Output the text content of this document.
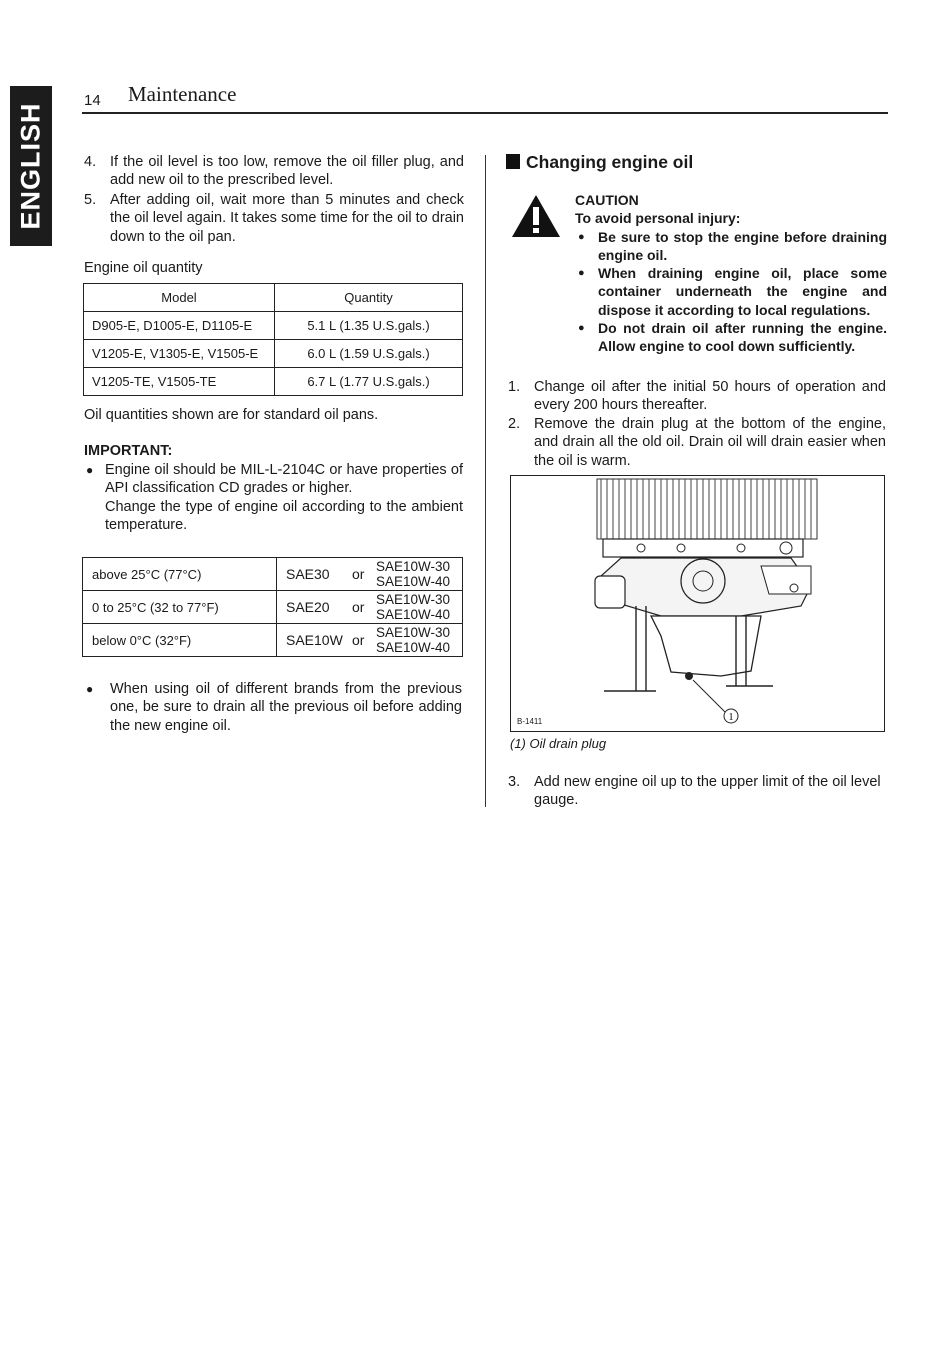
ENGLISH
14 Maintenance
4. If the oil level is too low, remove the oil filler plug, and add new oil to the prescribed level.
5. After adding oil, wait more than 5 minutes and check the oil level again. It takes some time for the oil to drain down to the oil pan.
Engine oil quantity
Model	Quantity
D905-E, D1005-E, D1105-E	5.1 L (1.35 U.S.gals.)
V1205-E, V1305-E, V1505-E	6.0 L (1.59 U.S.gals.)
V1205-TE, V1505-TE	6.7 L (1.77 U.S.gals.)
Oil quantities shown are for standard oil pans.
IMPORTANT:
● Engine oil should be MIL-L-2104C or have properties of API classification CD grades or higher.
Change the type of engine oil according to the ambient temperature.
above 25°C (77°C)	SAE30 or SAE10W-30
SAE10W-40

0 to 25°C (32 to 77°F)	SAE20 or SAE10W-30
SAE10W-40

below 0°C (32°F)	SAE10W or SAE10W-30
SAE10W-40
● When using oil of different brands from the previous one, be sure to drain all the previous oil before adding the new engine oil.
Changing engine oil
CAUTION
To avoid personal injury:
● Be sure to stop the engine before draining engine oil.
● When draining engine oil, place some container underneath the engine and dispose it according to local regulations.
● Do not drain oil after running the engine. Allow engine to cool down sufficiently.
1. Change oil after the initial 50 hours of operation and every 200 hours thereafter.
2. Remove the drain plug at the bottom of the engine, and drain all the old oil. Drain oil will drain easier when the oil is warm.
1
B-1411
(1) Oil drain plug
3. Add new engine oil up to the upper limit of the oil level gauge.
